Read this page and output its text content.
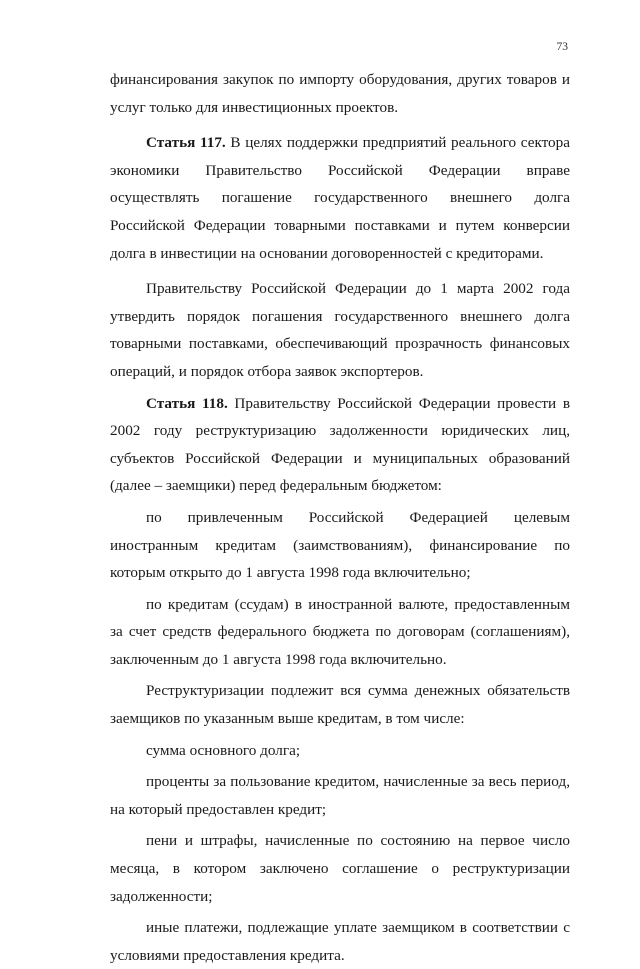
73

финансирования закупок по импорту оборудования, других товаров и услуг только для инвестиционных проектов.

Статья 117. В целях поддержки предприятий реального сектора экономики Правительство Российской Федерации вправе осуществлять погашение государственного внешнего долга Российской Федерации товарными поставками и путем конверсии долга в инвестиции на основании договоренностей с кредиторами.

Правительству Российской Федерации до 1 марта 2002 года утвердить порядок погашения государственного внешнего долга товарными поставками, обеспечивающий прозрачность финансовых операций, и порядок отбора заявок экспортеров.

Статья 118. Правительству Российской Федерации провести в 2002 году реструктуризацию задолженности юридических лиц, субъектов Российской Федерации и муниципальных образований (далее – заемщики) перед федеральным бюджетом:

по привлеченным Российской Федерацией целевым иностранным кредитам (заимствованиям), финансирование по которым открыто до 1 августа 1998 года включительно;

по кредитам (ссудам) в иностранной валюте, предоставленным за счет средств федерального бюджета по договорам (соглашениям), заключенным до 1 августа 1998 года включительно.

Реструктуризации подлежит вся сумма денежных обязательств заемщиков по указанным выше кредитам, в том числе:

сумма основного долга;

проценты за пользование кредитом, начисленные за весь период, на который предоставлен кредит;

пени и штрафы, начисленные по состоянию на первое число месяца, в котором заключено соглашение о реструктуризации задолженности;

иные платежи, подлежащие уплате заемщиком в соответствии с условиями предоставления кредита.
